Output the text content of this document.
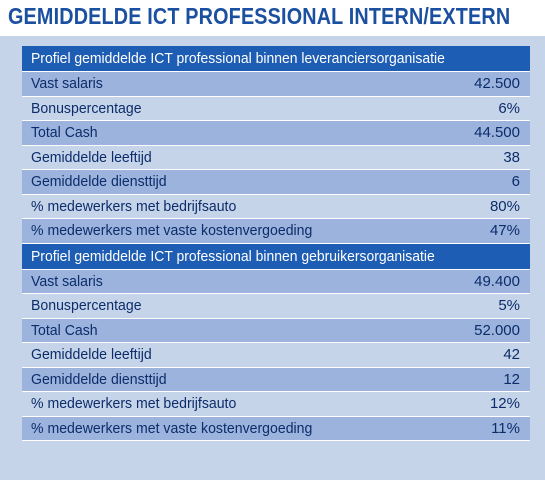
GEMIDDELDE ICT PROFESSIONAL INTERN/EXTERN
Profiel gemiddelde ICT professional binnen leveranciersorganisatie
Vast salaris	42.500
Bonuspercentage	6%
Total Cash	44.500
Gemiddelde leeftijd	38
Gemiddelde diensttijd	6
% medewerkers met bedrijfsauto	80%
% medewerkers met vaste kostenvergoeding	47%
Profiel gemiddelde ICT professional binnen gebruikersorganisatie
Vast salaris	49.400
Bonuspercentage	5%
Total Cash	52.000
Gemiddelde leeftijd	42
Gemiddelde diensttijd	12
% medewerkers met bedrijfsauto	12%
% medewerkers met vaste kostenvergoeding	11%
